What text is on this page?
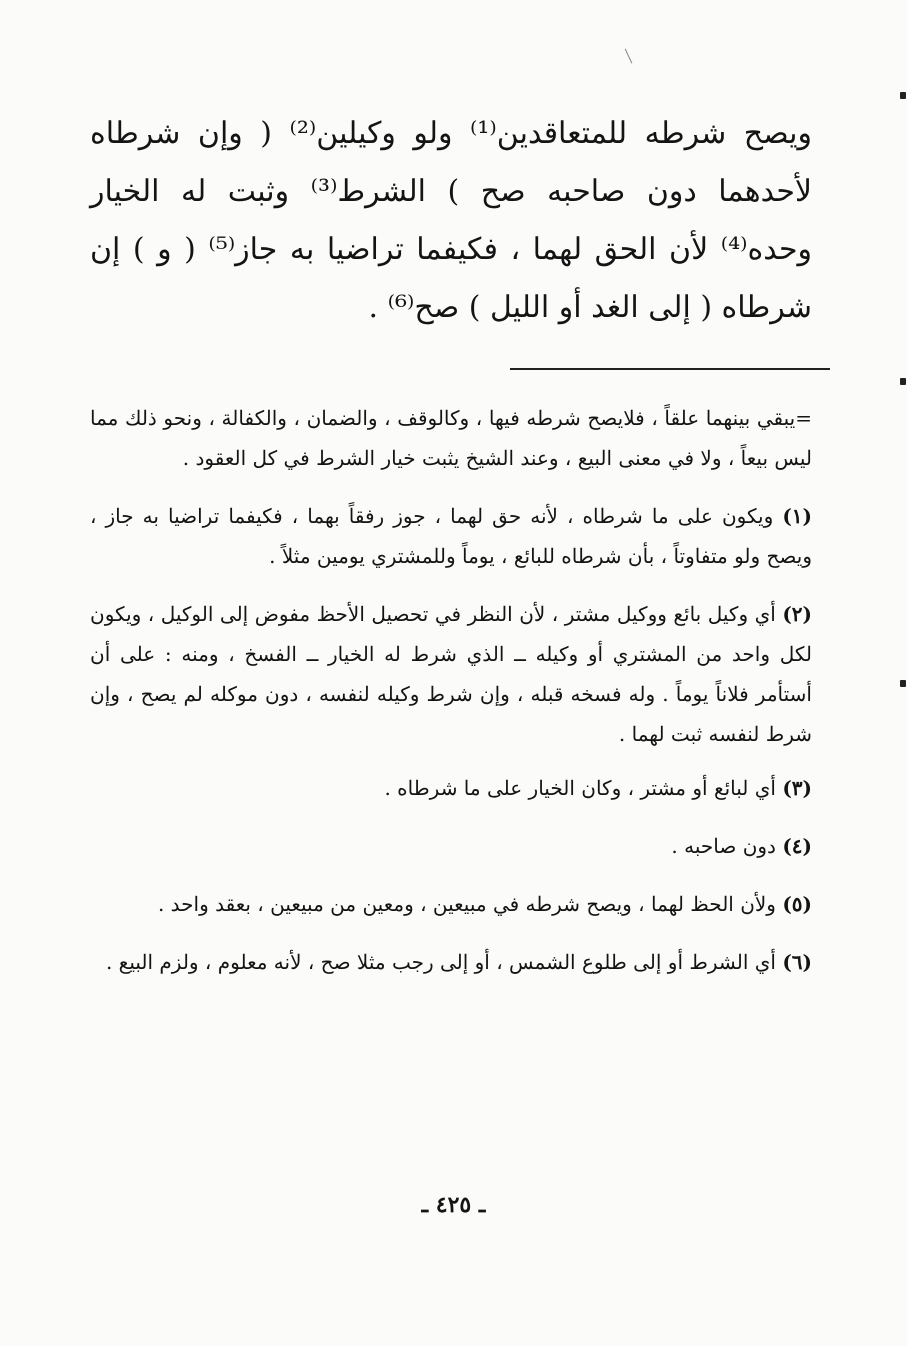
ويصح شرطه للمتعاقدين⁽¹⁾ ولو وكيلين⁽²⁾ ( وإن شرطاه لأحدهما دون صاحبه صح ) الشرط⁽³⁾ وثبت له الخيار وحده⁽⁴⁾ لأن الحق لهما ، فكيفما تراضيا به جاز⁽⁵⁾ ( و ) إن شرطاه ( إلى الغد أو الليل ) صح⁽⁶⁾ .

=يبقي بينهما علقاً ، فلايصح شرطه فيها ، وكالوقف ، والضمان ، والكفالة ، ونحو ذلك مما ليس بيعاً ، ولا في معنى البيع ، وعند الشيخ يثبت خيار الشرط في كل العقود .

(١) ويكون على ما شرطاه ، لأنه حق لهما ، جوز رفقاً بهما ، فكيفما تراضيا به جاز ، ويصح ولو متفاوتاً ، بأن شرطاه للبائع ، يوماً وللمشتري يومين مثلاً .

(٢) أي وكيل بائع ووكيل مشتر ، لأن النظر في تحصيل الأحظ مفوض إلى الوكيل ، ويكون لكل واحد من المشتري أو وكيله ــ الذي شرط له الخيار ــ الفسخ ، ومنه : على أن أستأمر فلاناً يوماً . وله فسخه قبله ، وإن شرط وكيله لنفسه ، دون موكله لم يصح ، وإن شرط لنفسه ثبت لهما .

(٣) أي لبائع أو مشتر ، وكان الخيار على ما شرطاه .

(٤) دون صاحبه .

(٥) ولأن الحظ لهما ، ويصح شرطه في مبيعين ، ومعين من مبيعين ، بعقد واحد .

(٦) أي الشرط أو إلى طلوع الشمس ، أو إلى رجب مثلا صح ، لأنه معلوم ، ولزم البيع .

ـ ٤٢٥ ـ
